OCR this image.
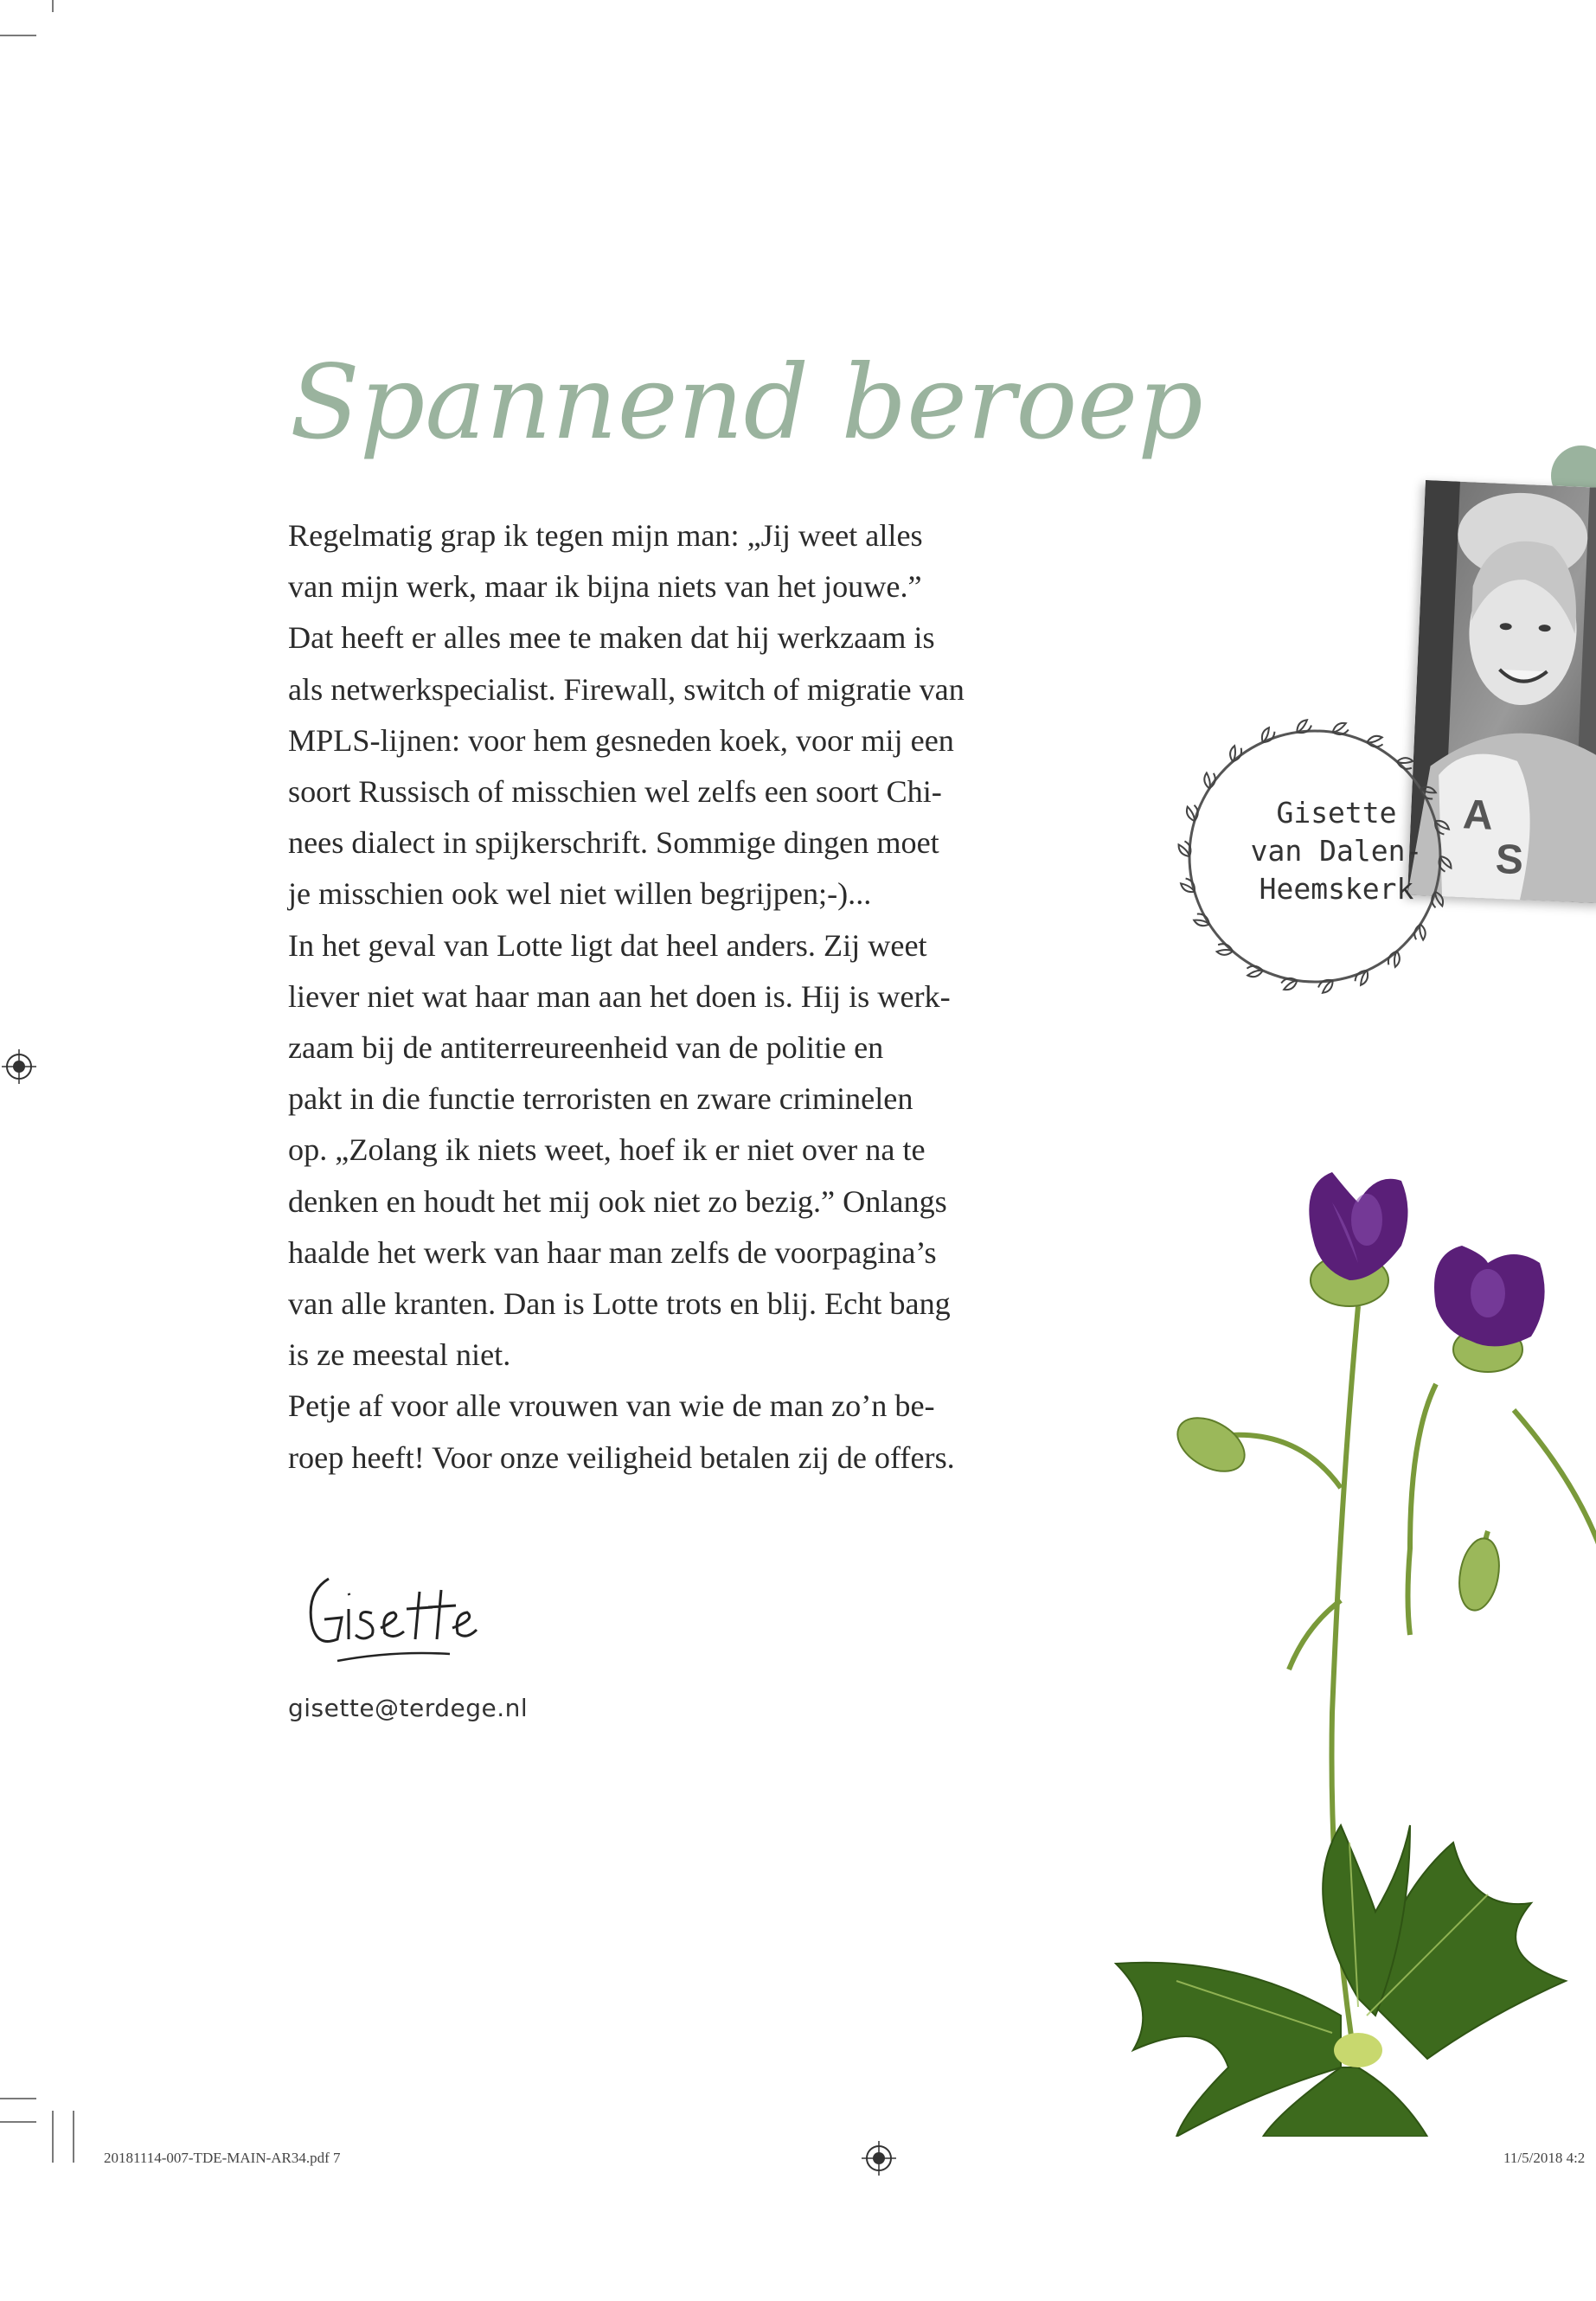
Spannend beroep
Regelmatig grap ik tegen mijn man: „Jij weet alles
van mijn werk, maar ik bijna niets van het jouwe.”
Dat heeft er alles mee te maken dat hij werkzaam is
als netwerkspecialist. Firewall, switch of migratie van
MPLS-lijnen: voor hem gesneden koek, voor mij een
soort Russisch of misschien wel zelfs een soort Chi-
nees dialect in spijkerschrift. Sommige dingen moet
je misschien ook wel niet willen begrijpen;-)...
In het geval van Lotte ligt dat heel anders. Zij weet
liever niet wat haar man aan het doen is. Hij is werk-
zaam bij de antiterreureenheid van de politie en
pakt in die functie terroristen en zware criminelen
op. „Zolang ik niets weet, hoef ik er niet over na te
denken en houdt het mij ook niet zo bezig.” Onlangs
haalde het werk van haar man zelfs de voorpagina’s
van alle kranten. Dan is Lotte trots en blij. Echt bang
is ze meestal niet.
Petje af voor alle vrouwen van wie de man zo’n be-
roep heeft! Voor onze veiligheid betalen zij de offers.
A
S
Gisette
van Dalen-
Heemskerk
gisette@terdege.nl
20181114-007-TDE-MAIN-AR34.pdf 7	11/5/2018 4:2
